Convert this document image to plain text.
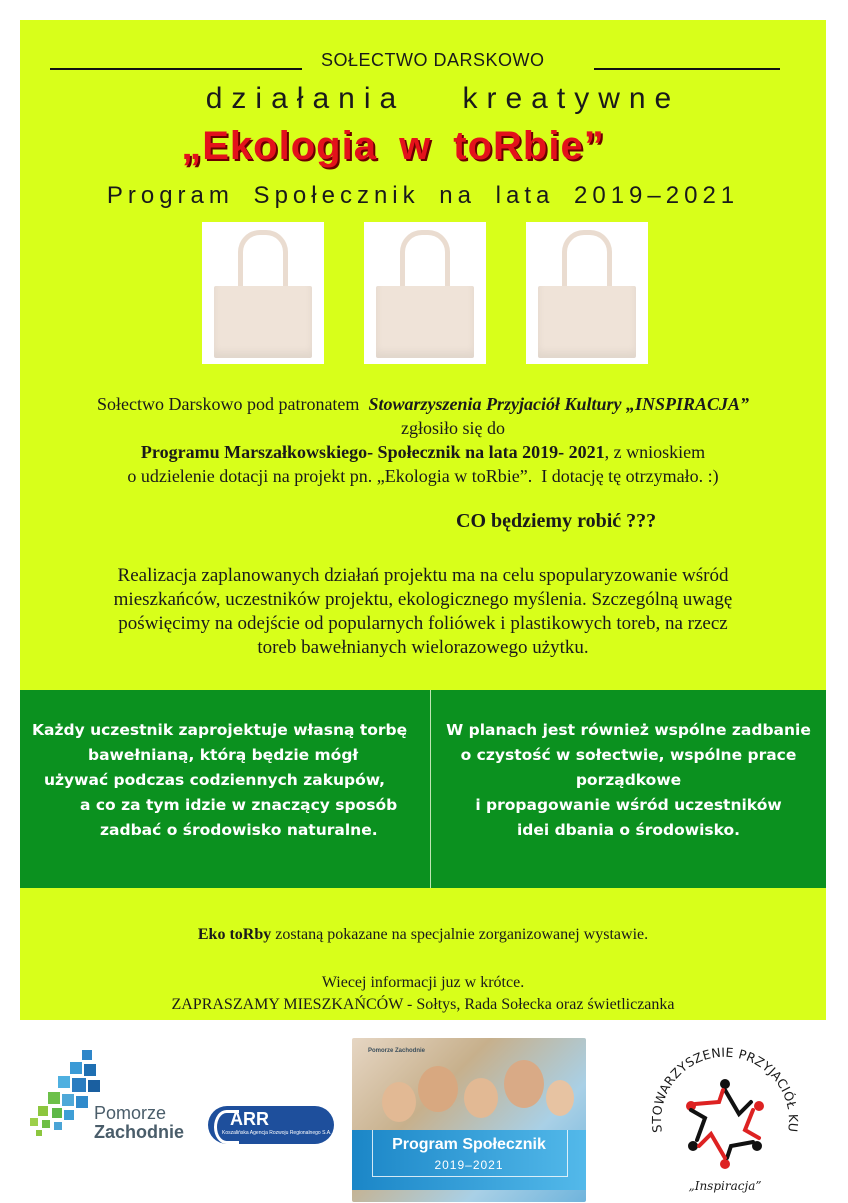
SOŁECTWO DARSKOWO
działania kreatywne
„Ekologia w toRbie”
Program Społecznik na lata 2019–2021
Sołectwo Darskowo pod patronatem Stowarzyszenia Przyjaciół Kultury „INSPIRACJA”
zgłosiło się do
Programu Marszałkowskiego- Społecznik na lata 2019- 2021, z wnioskiem
o udzielenie dotacji na projekt pn. „Ekologia w toRbie”. I dotację tę otrzymało. :)
CO będziemy robić ???
Realizacja zaplanowanych działań projektu ma na celu spopularyzowanie wśród
mieszkańców, uczestników projektu, ekologicznego myślenia. Szczególną uwagę
poświęcimy na odejście od popularnych foliówek i plastikowych toreb, na rzecz
toreb bawełnianych wielorazowego użytku.
Każdy uczestnik zaprojektuje własną torbę
bawełnianą, którą będzie mógł
używać podczas codziennych zakupów,
a co za tym idzie w znaczący sposób
zadbać o środowisko naturalne.
W planach jest również wspólne zadbanie
o czystość w sołectwie, wspólne prace
porządkowe
i propagowanie wśród uczestników
idei dbania o środowisko.
Eko toRby zostaną pokazane na specjalnie zorganizowanej wystawie.
Wiecej informacji juz w krótce.
ZAPRASZAMY MIESZKAŃCÓW - Sołtys, Rada Sołecka oraz świetliczanka
Pomorze
Zachodnie
ARR
Koszalińska Agencja Rozwoju Regionalnego S.A.
Pomorze Zachodnie
Program Społecznik
2019–2021
STOWARZYSZENIE PRZYJACIÓŁ KU
„Inspiracja”
